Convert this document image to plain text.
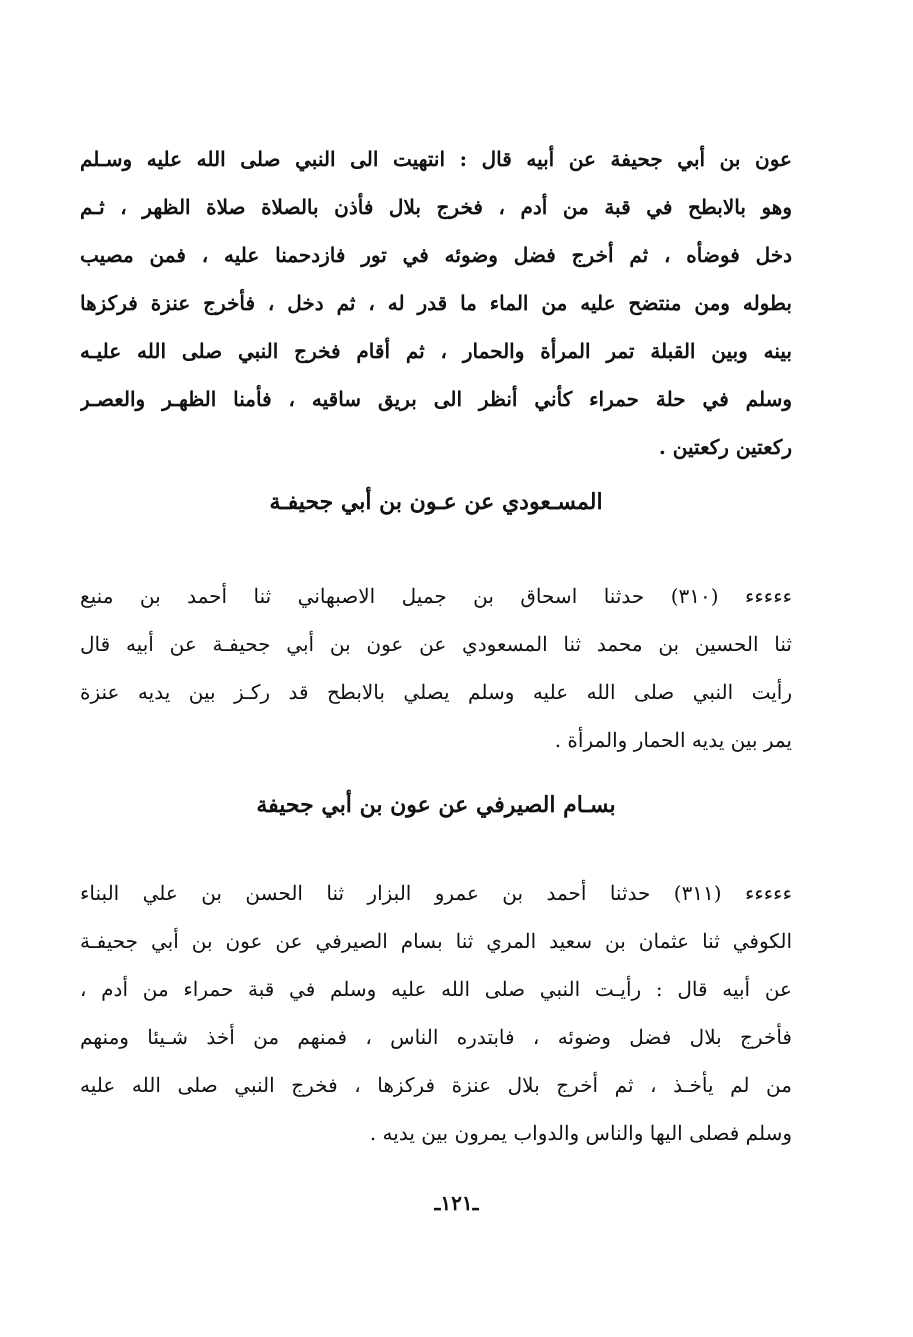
عون بن أبي جحيفة عن أبيه قال : انتهيت الى النبي صلى الله عليه وسـلم
وهو بالابطح في قبة من أدم ، فخرج بلال فأذن بالصلاة صلاة الظهر ، ثـم
دخل فوضأه ، ثم أخرج فضل وضوئه في تور فازدحمنا عليه ، فمن مصيب
بطوله ومن منتضح عليه من الماء ما قدر له ، ثم دخل ، فأخرج عنزة فركزها
بينه وبين القبلة تمر المرأة والحمار ، ثم أقام فخرج النبي صلى الله عليـه
وسلم في حلة حمراء كأني أنظر الى بريق ساقيه ، فأمنا الظهـر والعصـر
ركعتين ركعتين .
المسـعودي عن عـون بن أبي جحيفـة
ءءءءء (٣١٠) حدثنا اسحاق بن جميل الاصبهاني ثنا أحمد بن منيع
ثنا الحسين بن محمد ثنا المسعودي عن عون بن أبي جحيفـة عن أبيه قال
رأيت النبي صلى الله عليه وسلم يصلي بالابطح قد ركـز بين يديه عنزة
يمر بين يديه الحمار والمرأة .
بسـام الصيرفي عن عون بن أبي جحيفة
ءءءءء (٣١١) حدثنا أحمد بن عمرو البزار ثنا الحسن بن علي البناء
الكوفي ثنا عثمان بن سعيد المري ثنا بسام الصيرفي عن عون بن أبي جحيفـة
عن أبيه قال : رأيـت النبي صلى الله عليه وسلم في قبة حمراء من أدم ،
فأخرج بلال فضل وضوئه ، فابتدره الناس ، فمنهم من أخذ شـيئا ومنهم
من لم يأخـذ ، ثم أخرج بلال عنزة فركزها ، فخرج النبي صلى الله عليه
وسلم فصلى اليها والناس والدواب يمرون بين يديه .
ـ١٢١ـ
